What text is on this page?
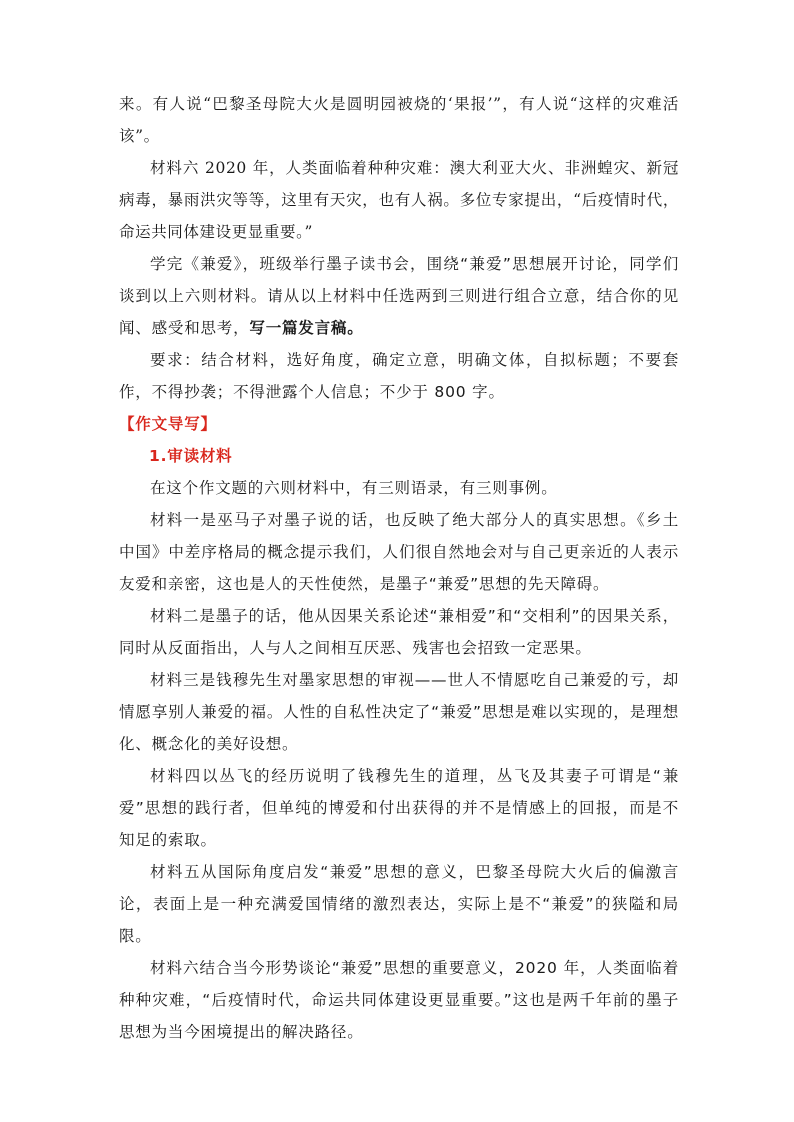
来。有人说“巴黎圣母院大火是圆明园被烧的‘果报’”，有人说“这样的灾难活该”。

材料六 2020 年，人类面临着种种灾难：澳大利亚大火、非洲蝗灾、新冠病毒，暴雨洪灾等等，这里有天灾，也有人祸。多位专家提出，“后疫情时代，命运共同体建设更显重要。”

学完《兼爱》，班级举行墨子读书会，围绕“兼爱”思想展开讨论，同学们谈到以上六则材料。请从以上材料中任选两到三则进行组合立意，结合你的见闻、感受和思考，写一篇发言稿。

要求：结合材料，选好角度，确定立意，明确文体，自拟标题；不要套作，不得抄袭；不得泄露个人信息；不少于 800 字。

【作文导写】

1.审读材料

在这个作文题的六则材料中，有三则语录，有三则事例。

材料一是巫马子对墨子说的话，也反映了绝大部分人的真实思想。《乡土中国》中差序格局的概念提示我们，人们很自然地会对与自己更亲近的人表示友爱和亲密，这也是人的天性使然，是墨子“兼爱”思想的先天障碍。

材料二是墨子的话，他从因果关系论述“兼相爱”和“交相利”的因果关系，同时从反面指出，人与人之间相互厌恶、残害也会招致一定恶果。

材料三是钱穆先生对墨家思想的审视——世人不情愿吃自己兼爱的亏，却情愿享别人兼爱的福。人性的自私性决定了“兼爱”思想是难以实现的，是理想化、概念化的美好设想。

材料四以丛飞的经历说明了钱穆先生的道理，丛飞及其妻子可谓是“兼爱”思想的践行者，但单纯的博爱和付出获得的并不是情感上的回报，而是不知足的索取。

材料五从国际角度启发“兼爱”思想的意义，巴黎圣母院大火后的偏激言论，表面上是一种充满爱国情绪的激烈表达，实际上是不“兼爱”的狭隘和局限。

材料六结合当今形势谈论“兼爱”思想的重要意义，2020 年，人类面临着种种灾难，“后疫情时代，命运共同体建设更显重要。”这也是两千年前的墨子思想为当今困境提出的解决路径。
